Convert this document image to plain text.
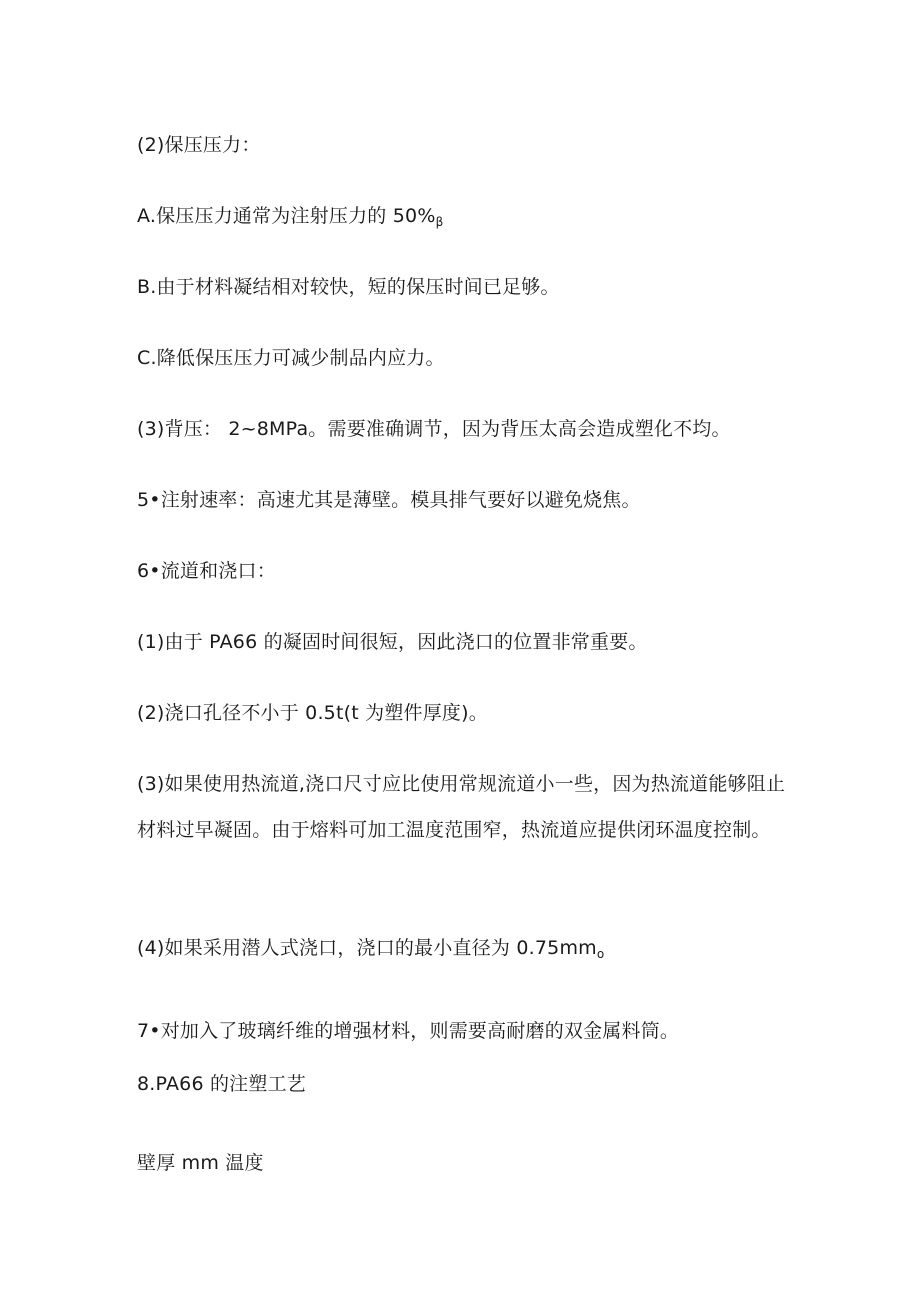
(2)保压压力：
A.保压压力通常为注射压力的 $50\%_\beta$
B.由于材料凝结相对较快，短的保压时间已足够。
C.降低保压压力可减少制品内应力。
(3)背压： 2~8MPa。需要准确调节，因为背压太高会造成塑化不均。
5•注射速率：高速尤其是薄壁。模具排气要好以避免烧焦。
6•流道和浇口：
(1)由于 PA66 的凝固时间很短，因此浇口的位置非常重要。
(2)浇口孔径不小于 0.5t(t 为塑件厚度)。
(3)如果使用热流道,浇口尺寸应比使用常规流道小一些，因为热流道能够阻止材料过早凝固。由于熔料可加工温度范围窄，热流道应提供闭环温度控制。
(4)如果采用潜人式浇口，浇口的最小直径为 $0.75mm_o$
7•对加入了玻璃纤维的增强材料，则需要高耐磨的双金属料筒。
8.PA66 的注塑工艺
壁厚 mm 温度
